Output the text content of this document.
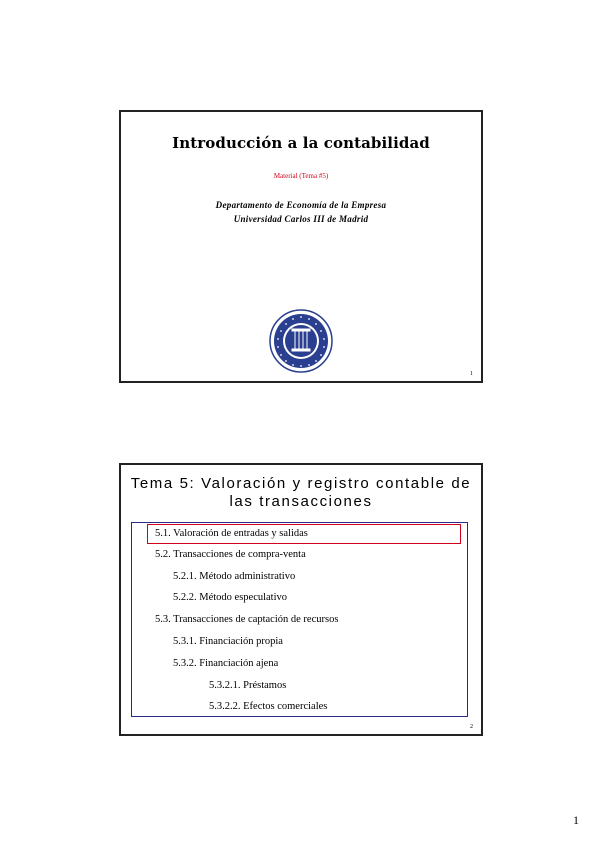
Introducción a la contabilidad
Material (Tema #5)
Departamento de Economía de la Empresa
Universidad Carlos III de Madrid
1
Tema 5: Valoración y registro contable de
las transacciones
5.1. Valoración de entradas y salidas
5.2. Transacciones de compra-venta
5.2.1. Método administrativo
5.2.2. Método especulativo
5.3. Transacciones de captación de recursos
5.3.1. Financiación propia
5.3.2. Financiación ajena
5.3.2.1. Préstamos
5.3.2.2. Efectos comerciales
2
1
